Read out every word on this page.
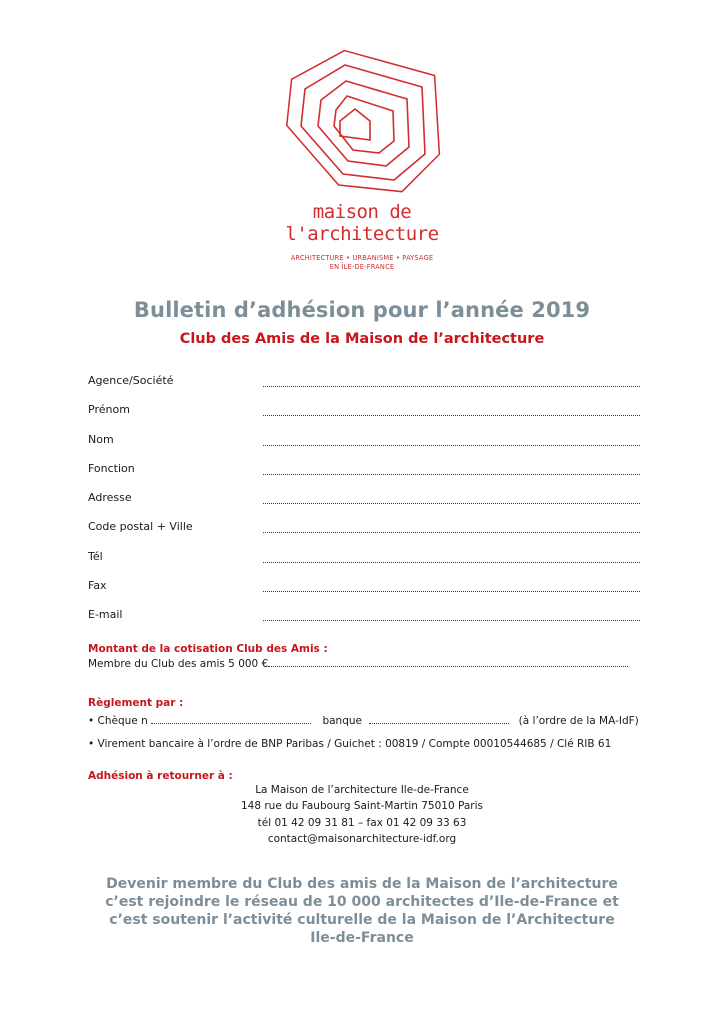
maison de
l'architecture
ARCHITECTURE • URBANISME • PAYSAGE
EN ÎLE-DE-FRANCE
Bulletin d’adhésion pour l’année 2019
Club des Amis de la Maison de l’architecture
Agence/Société
Prénom
Nom
Fonction
Adresse
Code postal + Ville
Tél
Fax
E-mail
Montant de la cotisation Club des Amis :
Membre du Club des amis 5 000 €
Règlement par :
• Chèque n	banque	(à l’ordre de la MA-IdF)
• Virement bancaire à l’ordre de BNP Paribas / Guichet : 00819 / Compte 00010544685 / Clé RIB 61
Adhésion à retourner à :
La Maison de l’architecture Ile-de-France
148 rue du Faubourg Saint-Martin 75010 Paris
tél 01 42 09 31 81 – fax 01 42 09 33 63
contact@maisonarchitecture-idf.org
Devenir membre du Club des amis de la Maison de l’architecture
c’est rejoindre le réseau de 10 000 architectes d’Ile-de-France et
c’est soutenir l’activité culturelle de la Maison de l’Architecture
Ile-de-France
